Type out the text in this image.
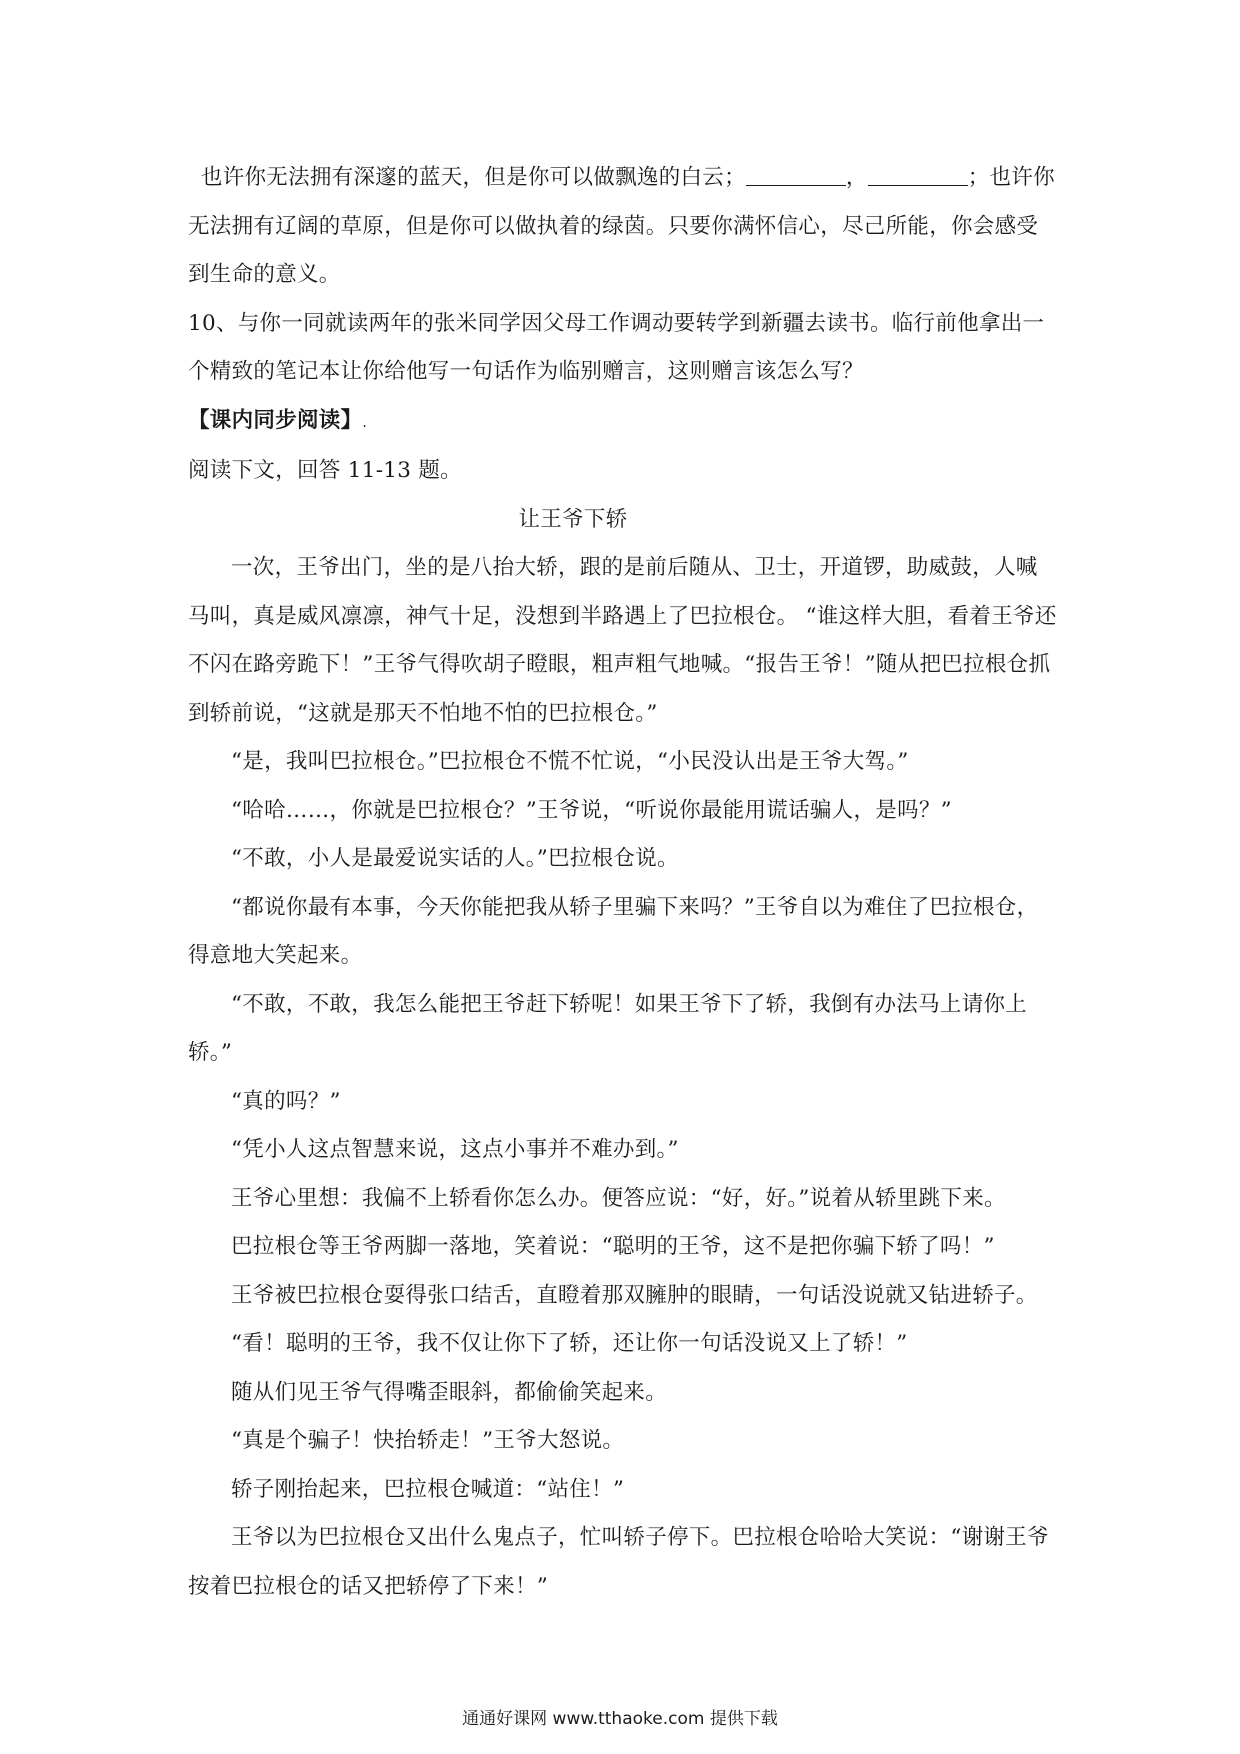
也许你无法拥有深邃的蓝天，但是你可以做飘逸的白云；	，	；也许你无法拥有辽阔的草原，但是你可以做执着的绿茵。只要你满怀信心，尽己所能，你会感受到生命的意义。

10、与你一同就读两年的张米同学因父母工作调动要转学到新疆去读书。临行前他拿出一个精致的笔记本让你给他写一句话作为临别赠言，这则赠言该怎么写？

【课内同步阅读】.

阅读下文，回答 11-13 题。

让王爷下轿

一次，王爷出门，坐的是八抬大轿，跟的是前后随从、卫士，开道锣，助威鼓，人喊马叫，真是威风凛凛，神气十足，没想到半路遇上了巴拉根仓。 “谁这样大胆，看着王爷还不闪在路旁跪下！”王爷气得吹胡子瞪眼，粗声粗气地喊。“报告王爷！”随从把巴拉根仓抓到轿前说，“这就是那天不怕地不怕的巴拉根仓。”

“是，我叫巴拉根仓。”巴拉根仓不慌不忙说，“小民没认出是王爷大驾。”

“哈哈……，你就是巴拉根仓？”王爷说，“听说你最能用谎话骗人，是吗？”

“不敢，小人是最爱说实话的人。”巴拉根仓说。

“都说你最有本事，今天你能把我从轿子里骗下来吗？”王爷自以为难住了巴拉根仓，得意地大笑起来。

“不敢，不敢，我怎么能把王爷赶下轿呢！如果王爷下了轿，我倒有办法马上请你上轿。”

“真的吗？”

“凭小人这点智慧来说，这点小事并不难办到。”

王爷心里想：我偏不上轿看你怎么办。便答应说：“好，好。”说着从轿里跳下来。

巴拉根仓等王爷两脚一落地，笑着说：“聪明的王爷，这不是把你骗下轿了吗！”

王爷被巴拉根仓耍得张口结舌，直瞪着那双臃肿的眼睛，一句话没说就又钻进轿子。

“看！聪明的王爷，我不仅让你下了轿，还让你一句话没说又上了轿！”

随从们见王爷气得嘴歪眼斜，都偷偷笑起来。

“真是个骗子！快抬轿走！”王爷大怒说。

轿子刚抬起来，巴拉根仓喊道：“站住！”

王爷以为巴拉根仓又出什么鬼点子，忙叫轿子停下。巴拉根仓哈哈大笑说：“谢谢王爷按着巴拉根仓的话又把轿停了下来！”

通通好课网 www.tthaoke.com 提供下载
